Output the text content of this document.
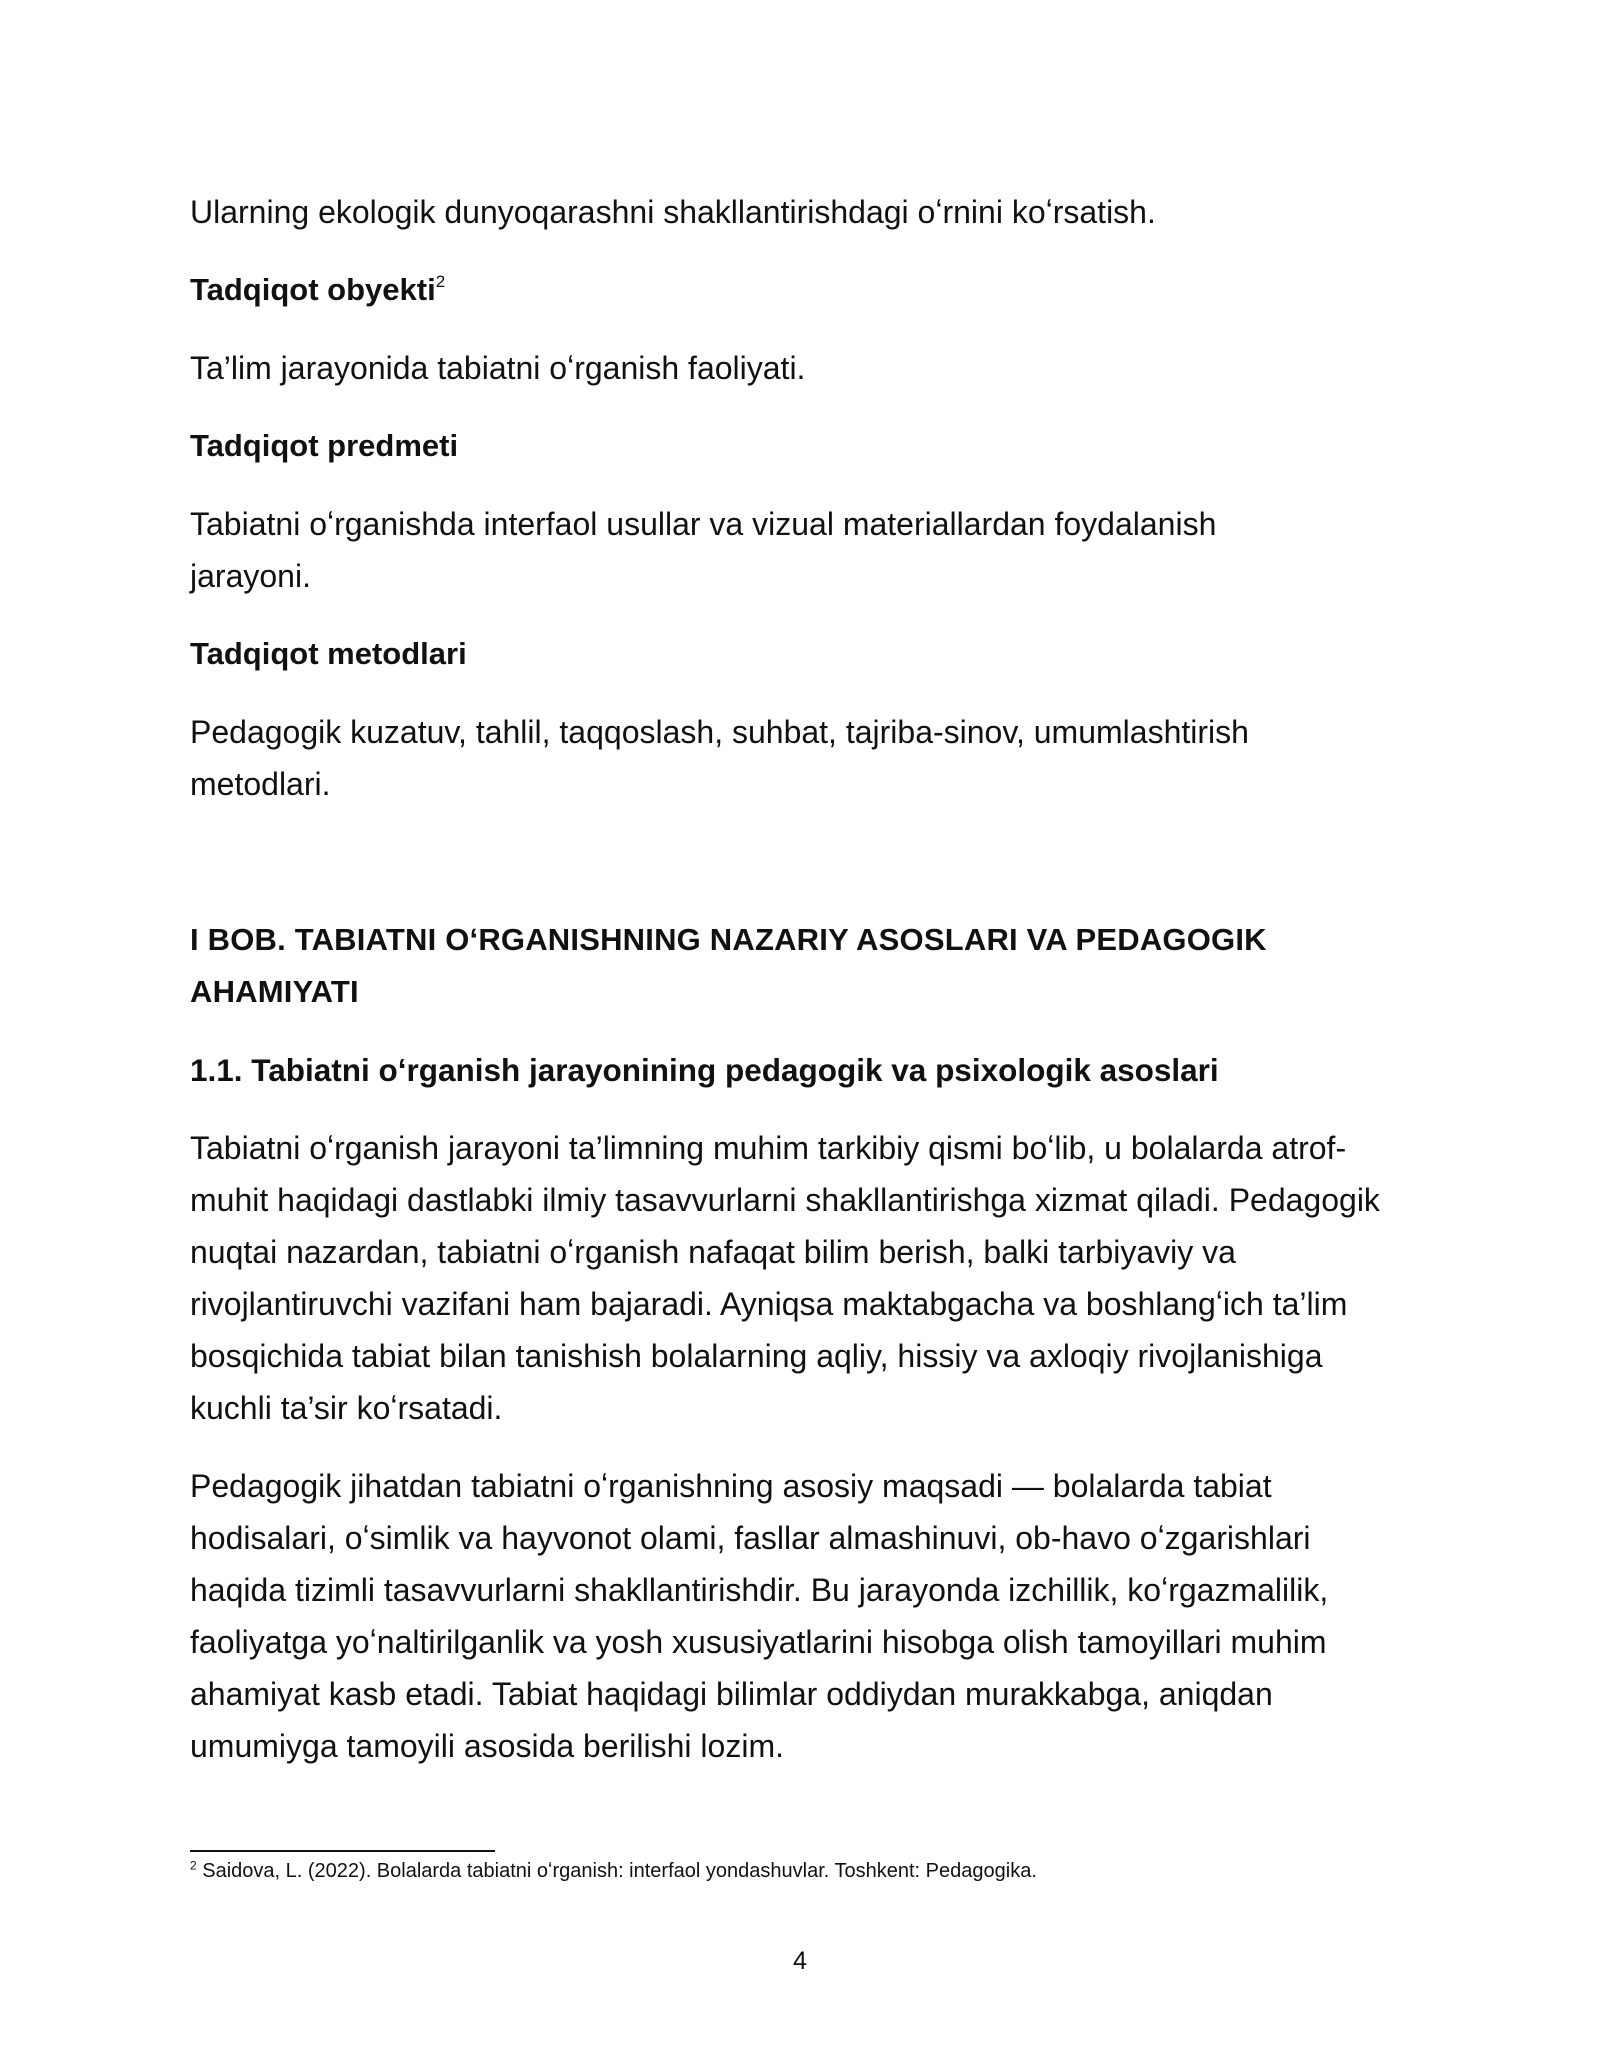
Ularning ekologik dunyoqarashni shakllantirishdagi oʻrnini koʻrsatish.

Tadqiqot obyekti$^2$

Ta’lim jarayonida tabiatni oʻrganish faoliyati.

Tadqiqot predmeti

Tabiatni oʻrganishda interfaol usullar va vizual materiallardan foydalanish jarayoni.

Tadqiqot metodlari

Pedagogik kuzatuv, tahlil, taqqoslash, suhbat, tajriba-sinov, umumlashtirish metodlari.

I BOB. TABIATNI OʻRGANISHNING NAZARIY ASOSLARI VA PEDAGOGIK AHAMIYATI

1.1. Tabiatni oʻrganish jarayonining pedagogik va psixologik asoslari

Tabiatni oʻrganish jarayoni ta’limning muhim tarkibiy qismi boʻlib, u bolalarda atrof-muhit haqidagi dastlabki ilmiy tasavvurlarni shakllantirishga xizmat qiladi. Pedagogik nuqtai nazardan, tabiatni oʻrganish nafaqat bilim berish, balki tarbiyaviy va rivojlantiruvchi vazifani ham bajaradi. Ayniqsa maktabgacha va boshlangʻich ta’lim bosqichida tabiat bilan tanishish bolalarning aqliy, hissiy va axloqiy rivojlanishiga kuchli ta’sir koʻrsatadi.

Pedagogik jihatdan tabiatni oʻrganishning asosiy maqsadi — bolalarda tabiat hodisalari, oʻsimlik va hayvonot olami, fasllar almashinuvi, ob-havo oʻzgarishlari haqida tizimli tasavvurlarni shakllantirishdir. Bu jarayonda izchillik, koʻrgazmalilik, faoliyatga yoʻnaltirilganlik va yosh xususiyatlarini hisobga olish tamoyillari muhim ahamiyat kasb etadi. Tabiat haqidagi bilimlar oddiydan murakkabga, aniqdan umumiyga tamoyili asosida berilishi lozim.

$^2$ Saidova, L. (2022). Bolalarda tabiatni oʻrganish: interfaol yondashuvlar. Toshkent: Pedagogika.

4
